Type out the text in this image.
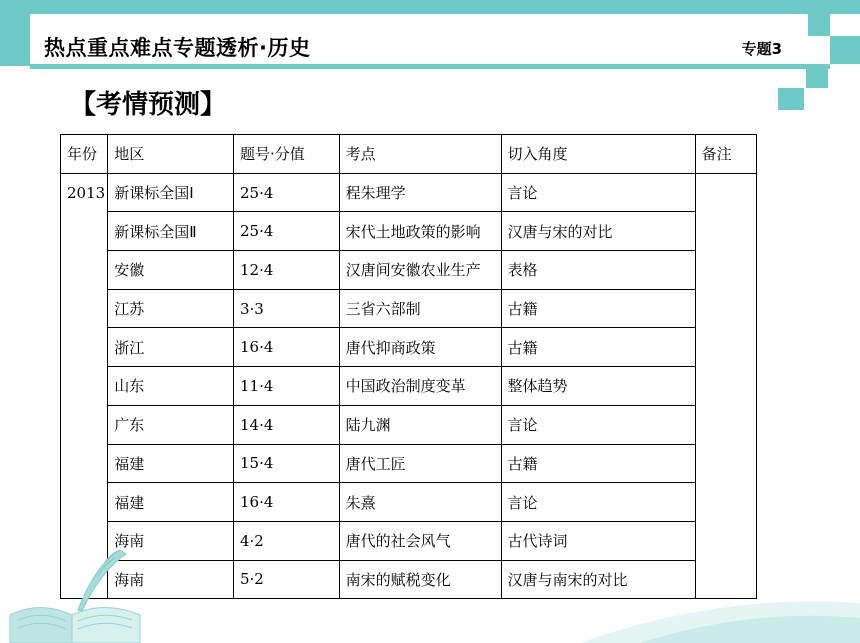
热点重点难点专题透析·历史	专题3
【考情预测】
年份	地区	题号·分值	考点	切入角度	备注
2013	新课标全国Ⅰ	25·4	程朱理学	言论	
	新课标全国Ⅱ	25·4	宋代土地政策的影响	汉唐与宋的对比	
	安徽	12·4	汉唐间安徽农业生产	表格	
	江苏	3·3	三省六部制	古籍	
	浙江	16·4	唐代抑商政策	古籍	
	山东	11·4	中国政治制度变革	整体趋势	
	广东	14·4	陆九渊	言论	
	福建	15·4	唐代工匠	古籍	
	福建	16·4	朱熹	言论	
	海南	4·2	唐代的社会风气	古代诗词	
	海南	5·2	南宋的赋税变化	汉唐与南宋的对比	
